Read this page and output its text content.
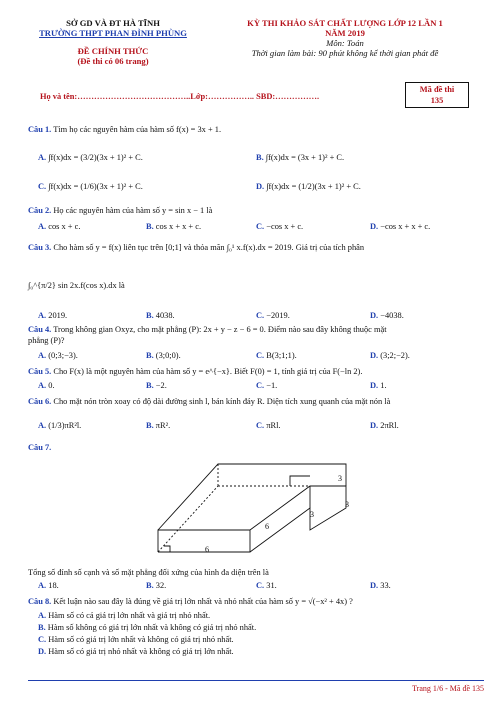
SỞ GD VÀ ĐT HÀ TĨNH
TRƯỜNG THPT PHAN ĐÌNH PHÙNG
ĐỀ CHÍNH THỨC
(Đề thi có 06 trang)
KỲ THI KHẢO SÁT CHẤT LƯỢNG LỚP 12 LẦN 1
NĂM 2019
Môn: Toán
Thời gian làm bài: 90 phút không kể thời gian phát đề
Họ và tên:…………………………………..Lớp:…………….. SBD:…………….
Mã đề thi
135
Câu 1. Tìm họ các nguyên hàm của hàm số f(x) = 3x + 1.
A. ∫f(x)dx = (3/2)(3x + 1)² + C.	B. ∫f(x)dx = (3x + 1)² + C.
C. ∫f(x)dx = (1/6)(3x + 1)² + C.	D. ∫f(x)dx = (1/2)(3x + 1)² + C.
Câu 2. Họ các nguyên hàm của hàm số y = sin x − 1 là
A. cos x + c.	B. cos x + x + c.	C. −cos x + c.	D. −cos x + x + c.
Câu 3. Cho hàm số y = f(x) liên tục trên [0;1] và thỏa mãn ∫₀¹ x.f(x).dx = 2019. Giá trị của tích phân
∫₀^{π/2} sin 2x.f(cos x).dx là
A. 2019.	B. 4038.	C. −2019.	D. −4038.
Câu 4. Trong không gian Oxyz, cho mặt phẳng (P): 2x + y − z − 6 = 0. Điểm nào sau đây không thuộc mặt
phẳng (P)?
A. (0;3;−3).	B. (3;0;0).	C. B(3;1;1).	D. (3;2;−2).
Câu 5. Cho F(x) là một nguyên hàm của hàm số y = e^{−x}. Biết F(0) = 1, tính giá trị của F(−ln 2).
A. 0.	B. −2.	C. −1.	D. 1.
Câu 6. Cho mặt nón tròn xoay có độ dài đường sinh l, bán kính đáy R. Diện tích xung quanh của mặt nón là
A. (1/3)πR²l.	B. πR².	C. πRl.	D. 2πRl.
Câu 7.
Tổng số đỉnh số cạnh và số mặt phẳng đối xứng của hình đa diện trên là
A. 18.	B. 32.	C. 31.	D. 33.
Câu 8. Kết luận nào sau đây là đúng về giá trị lớn nhất và nhỏ nhất của hàm số y = √(−x² + 4x) ?
A. Hàm số có cả giá trị lớn nhất và giá trị nhỏ nhất.
B. Hàm số không có giá trị lớn nhất và không có giá trị nhỏ nhất.
C. Hàm số có giá trị lớn nhất và không có giá trị nhỏ nhất.
D. Hàm số có giá trị nhỏ nhất và không có giá trị lớn nhất.
3
3
6
6
3
Trang 1/6 - Mã đề 135
